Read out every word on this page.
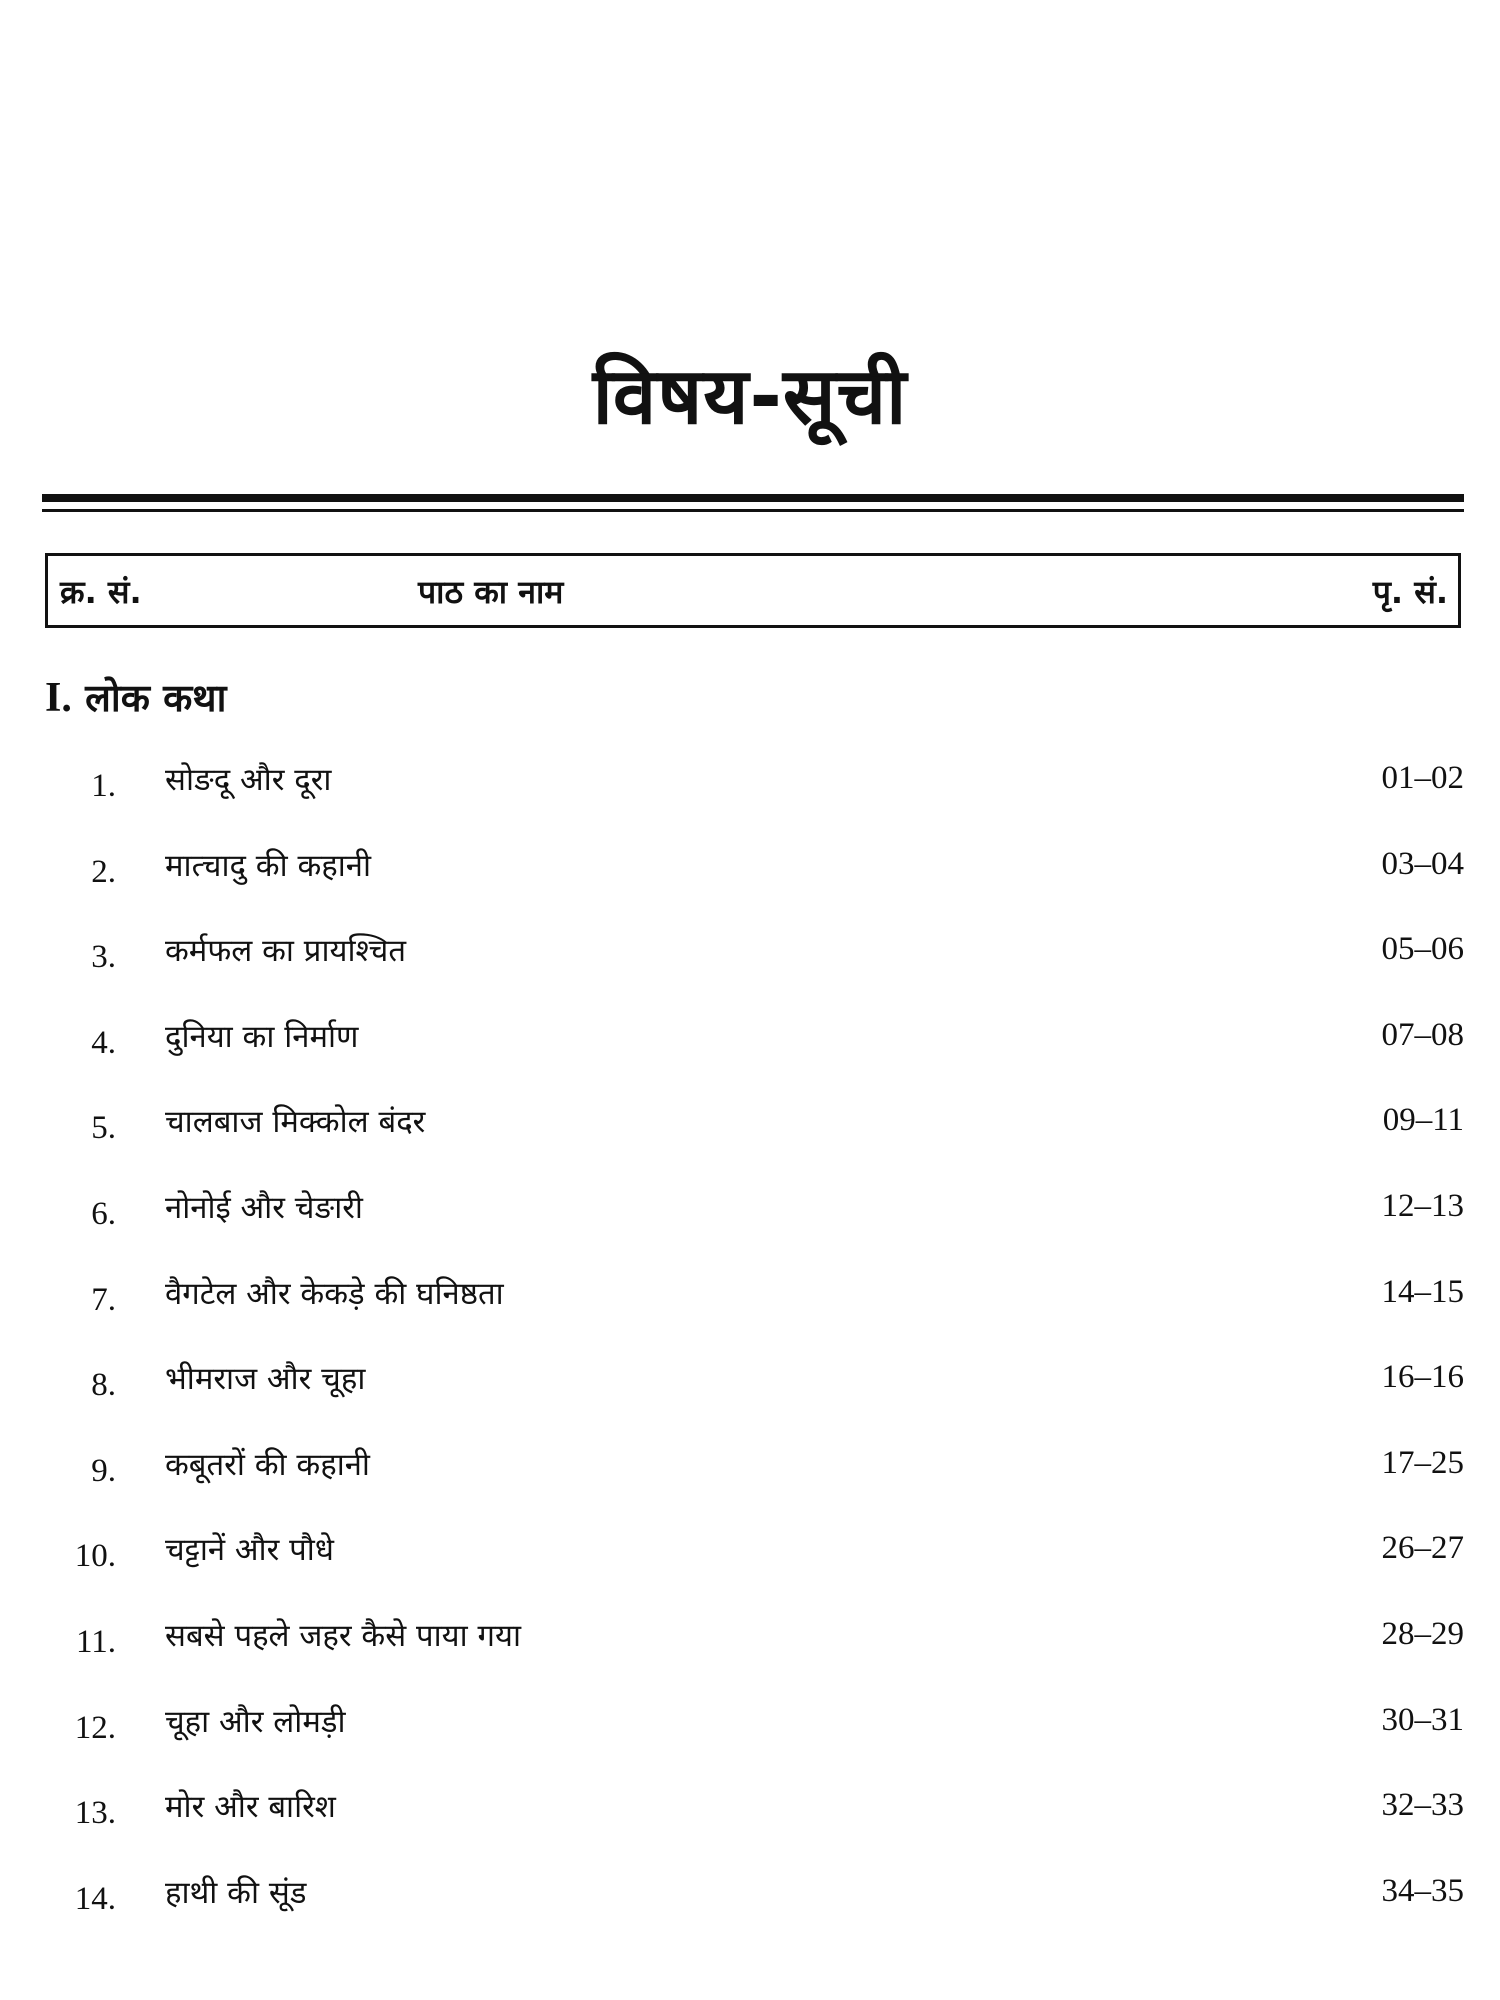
विषय-सूची
क्र. सं.	पाठ का नाम	पृ. सं.
I. लोक कथा
1. सोङदू और दूरा	01–02
2. मात्चादु की कहानी	03–04
3. कर्मफल का प्रायश्चित	05–06
4. दुनिया का निर्माण	07–08
5. चालबाज मिक्कोल बंदर	09–11
6. नोनोई और चेङारी	12–13
7. वैगटेल और केकड़े की घनिष्ठता	14–15
8. भीमराज और चूहा	16–16
9. कबूतरों की कहानी	17–25
10. चट्टानें और पौधे	26–27
11. सबसे पहले जहर कैसे पाया गया	28–29
12. चूहा और लोमड़ी	30–31
13. मोर और बारिश	32–33
14. हाथी की सूंड	34–35
